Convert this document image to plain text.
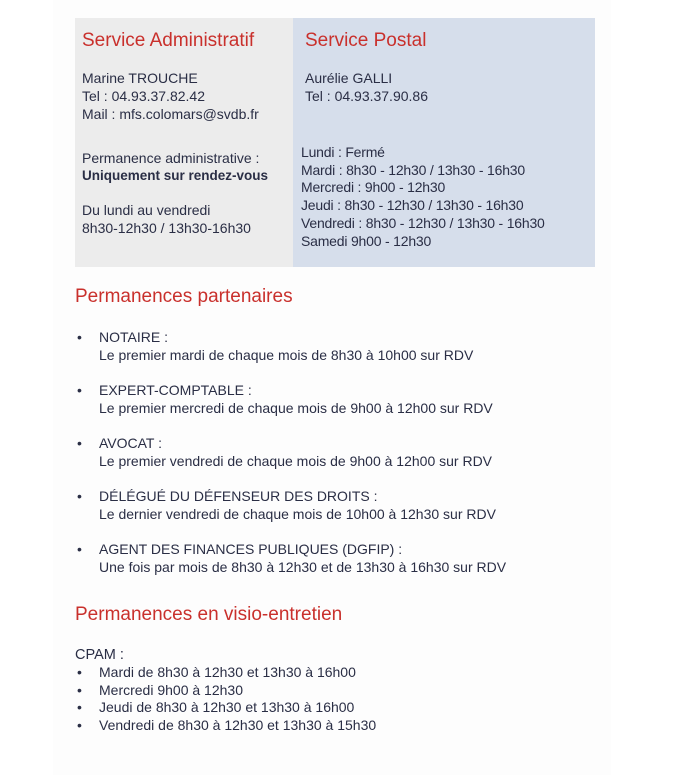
Service Administratif
Marine TROUCHE
Tel : 04.93.37.82.42
Mail : mfs.colomars@svdb.fr
Permanence administrative :
Uniquement sur rendez-vous
Du lundi au vendredi
8h30-12h30 / 13h30-16h30
Service Postal
Aurélie GALLI
Tel : 04.93.37.90.86
Lundi : Fermé
Mardi : 8h30 - 12h30 / 13h30 - 16h30
Mercredi : 9h00 - 12h30
Jeudi : 8h30 - 12h30 / 13h30 - 16h30
Vendredi : 8h30 - 12h30 / 13h30 - 16h30
Samedi 9h00 - 12h30
Permanences partenaires
• NOTAIRE :
Le premier mardi de chaque mois de 8h30 à 10h00 sur RDV
• EXPERT-COMPTABLE :
Le premier mercredi de chaque mois de 9h00 à 12h00 sur RDV
• AVOCAT :
Le premier vendredi de chaque mois de 9h00 à 12h00 sur RDV
• DÉLÉGUÉ DU DÉFENSEUR DES DROITS :
Le dernier vendredi de chaque mois de 10h00 à 12h30 sur RDV
• AGENT DES FINANCES PUBLIQUES (DGFIP) :
Une fois par mois de 8h30 à 12h30 et de 13h30 à 16h30 sur RDV
Permanences en visio-entretien
CPAM :
• Mardi de 8h30 à 12h30 et 13h30 à 16h00
• Mercredi 9h00 à 12h30
• Jeudi de 8h30 à 12h30 et 13h30 à 16h00
• Vendredi de 8h30 à 12h30 et 13h30 à 15h30
